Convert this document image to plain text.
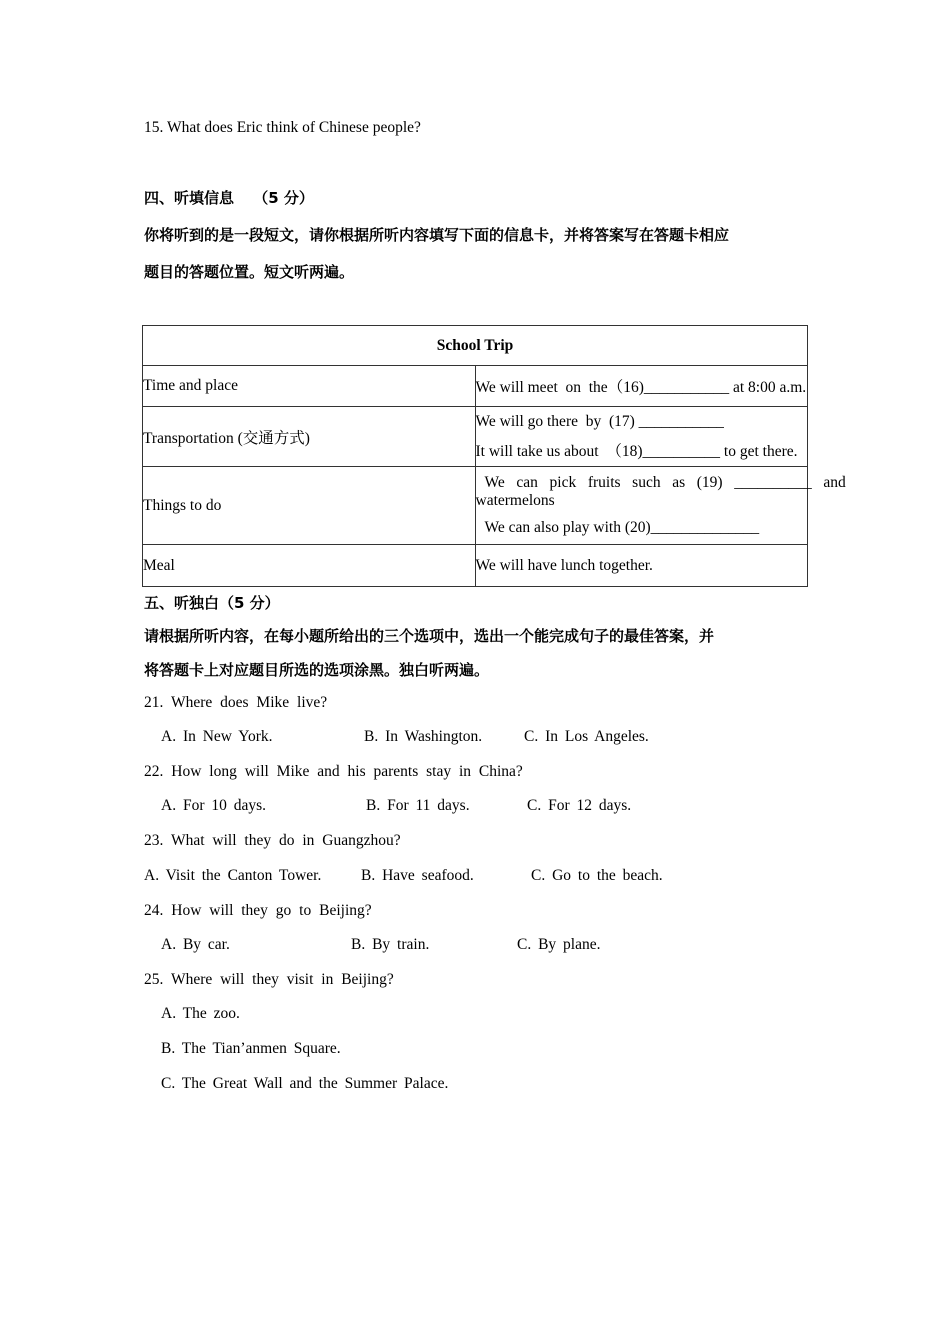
15. What does Eric think of Chinese people?
四、听填信息 （5 分）
你将听到的是一段短文，请你根据所听内容填写下面的信息卡，并将答案写在答题卡相应
题目的答题位置。短文听两遍。
School Trip	
Time and place	We will meet  on  the（16)___________ at 8:00 a.m.

Transportation (交通方式)	We will go there  by  (17) ___________
It will take us about  （18)__________ to get there.

Things to do	We   can   pick   fruits   such   as   (19)   __________   and
watermelons
We can also play with (20)______________

Meal	We will have lunch together.
五、听独白（5 分）
请根据所听内容，在每小题所给出的三个选项中，选出一个能完成句子的最佳答案，并
将答题卡上对应题目所选的选项涂黑。独白听两遍。
21. Where does Mike live?
A. In New York.	B. In Washington.	C. In Los Angeles.
22. How long will Mike and his parents stay in China?
A. For 10 days.	B. For 11 days.	C. For 12 days.
23. What will they do in Guangzhou?
A. Visit the Canton Tower.	B. Have seafood.	C. Go to the beach.
24. How will they go to Beijing?
A. By car.	B. By train.	C. By plane.
25. Where will they visit in Beijing?
A. The zoo.
B. The Tian’anmen Square.
C. The Great Wall and the Summer Palace.
